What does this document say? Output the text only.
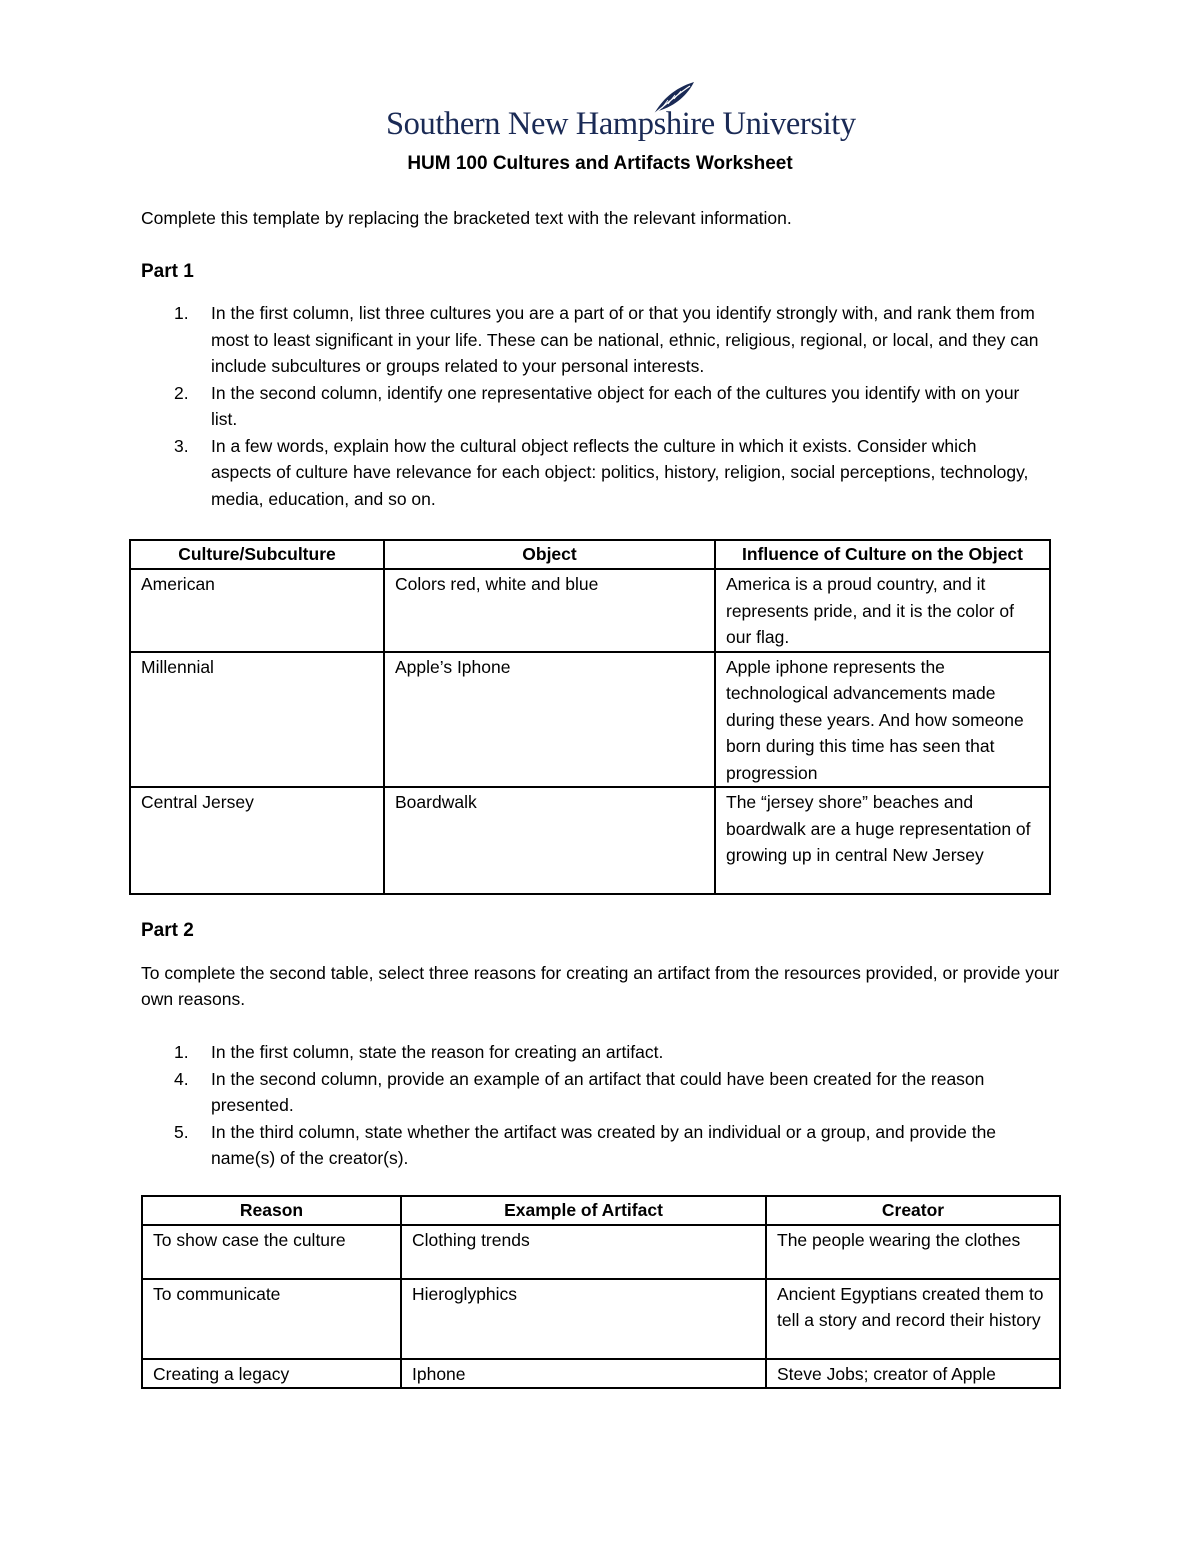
Southern New Hampshire University
HUM 100 Cultures and Artifacts Worksheet

Complete this template by replacing the bracketed text with the relevant information.

Part 1
1. In the first column, list three cultures you are a part of or that you identify strongly with, and rank them from most to least significant in your life. These can be national, ethnic, religious, regional, or local, and they can include subcultures or groups related to your personal interests.
2. In the second column, identify one representative object for each of the cultures you identify with on your list.
3. In a few words, explain how the cultural object reflects the culture in which it exists. Consider which aspects of culture have relevance for each object: politics, history, religion, social perceptions, technology, media, education, and so on.
Culture/Subculture	Object	Influence of Culture on the Object
American	Colors red, white and blue	America is a proud country, and it represents pride, and it is the color of our flag.
Millennial	Apple’s Iphone	Apple iphone represents the technological advancements made during these years. And how someone born during this time has seen that progression
Central Jersey	Boardwalk	The “jersey shore” beaches and boardwalk are a huge representation of growing up in central New Jersey
Part 2

To complete the second table, select three reasons for creating an artifact from the resources provided, or provide your own reasons.

1. In the first column, state the reason for creating an artifact.
4. In the second column, provide an example of an artifact that could have been created for the reason presented.
5. In the third column, state whether the artifact was created by an individual or a group, and provide the name(s) of the creator(s).
Reason	Example of Artifact	Creator
To show case the culture	Clothing trends	The people wearing the clothes
To communicate	Hieroglyphics	Ancient Egyptians created them to tell a story and record their history
Creating a legacy	Iphone	Steve Jobs; creator of Apple
